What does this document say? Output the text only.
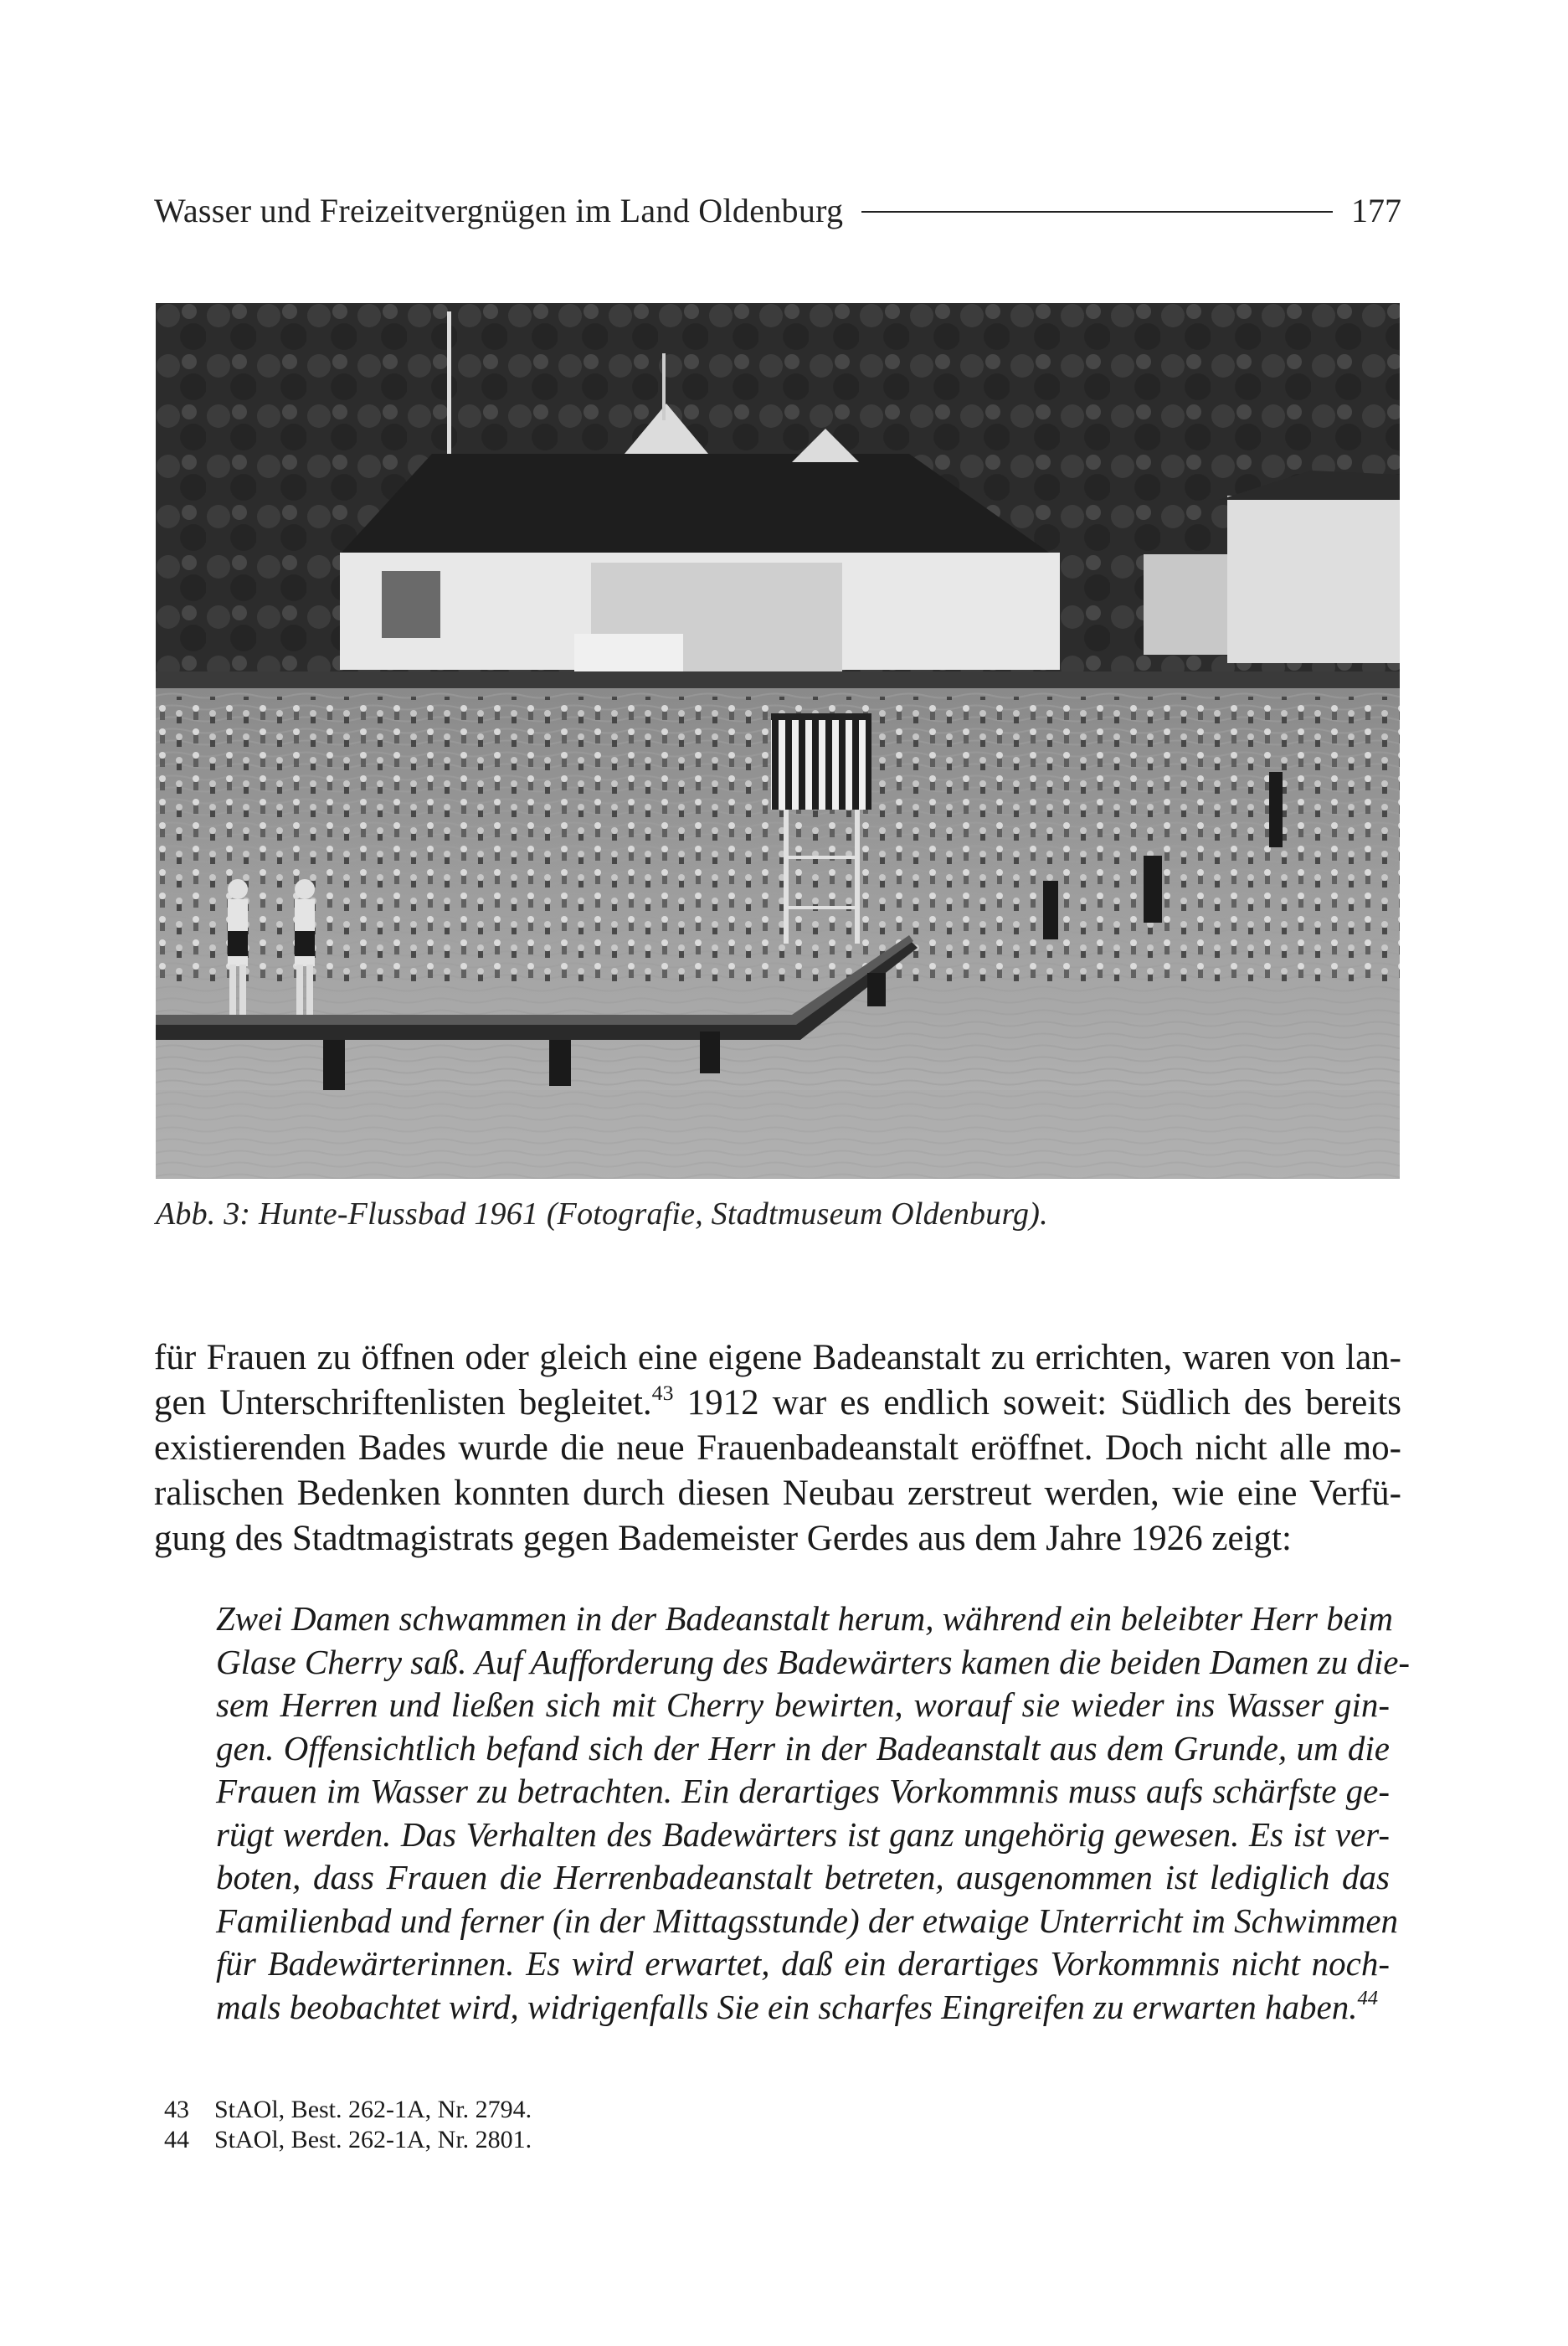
Wasser und Freizeitvergnügen im Land Oldenburg	177
Abb. 3: Hunte-Flussbad 1961 (Fotografie, Stadtmuseum Oldenburg).
für Frauen zu öffnen oder gleich eine eigene Badeanstalt zu errichten, waren von lan-
gen Unterschriftenlisten begleitet.$^{43}$ 1912 war es endlich soweit: Südlich des bereits
existierenden Bades wurde die neue Frauenbadeanstalt eröffnet. Doch nicht alle mo-
ralischen Bedenken konnten durch diesen Neubau zerstreut werden, wie eine Verfü-
gung des Stadtmagistrats gegen Bademeister Gerdes aus dem Jahre 1926 zeigt:
Zwei Damen schwammen in der Badeanstalt herum, während ein beleibter Herr beim
Glase Cherry saß. Auf Aufforderung des Badewärters kamen die beiden Damen zu die-
sem Herren und ließen sich mit Cherry bewirten, worauf sie wieder ins Wasser gin-
gen. Offensichtlich befand sich der Herr in der Badeanstalt aus dem Grunde, um die
Frauen im Wasser zu betrachten. Ein derartiges Vorkommnis muss aufs schärfste ge-
rügt werden. Das Verhalten des Badewärters ist ganz ungehörig gewesen. Es ist ver-
boten, dass Frauen die Herrenbadeanstalt betreten, ausgenommen ist lediglich das
Familienbad und ferner (in der Mittagsstunde) der etwaige Unterricht im Schwimmen
für Badewärterinnen. Es wird erwartet, daß ein derartiges Vorkommnis nicht noch-
mals beobachtet wird, widrigenfalls Sie ein scharfes Eingreifen zu erwarten haben.$^{44}$
43	StAOl, Best. 262-1A, Nr. 2794.
44	StAOl, Best. 262-1A, Nr. 2801.
